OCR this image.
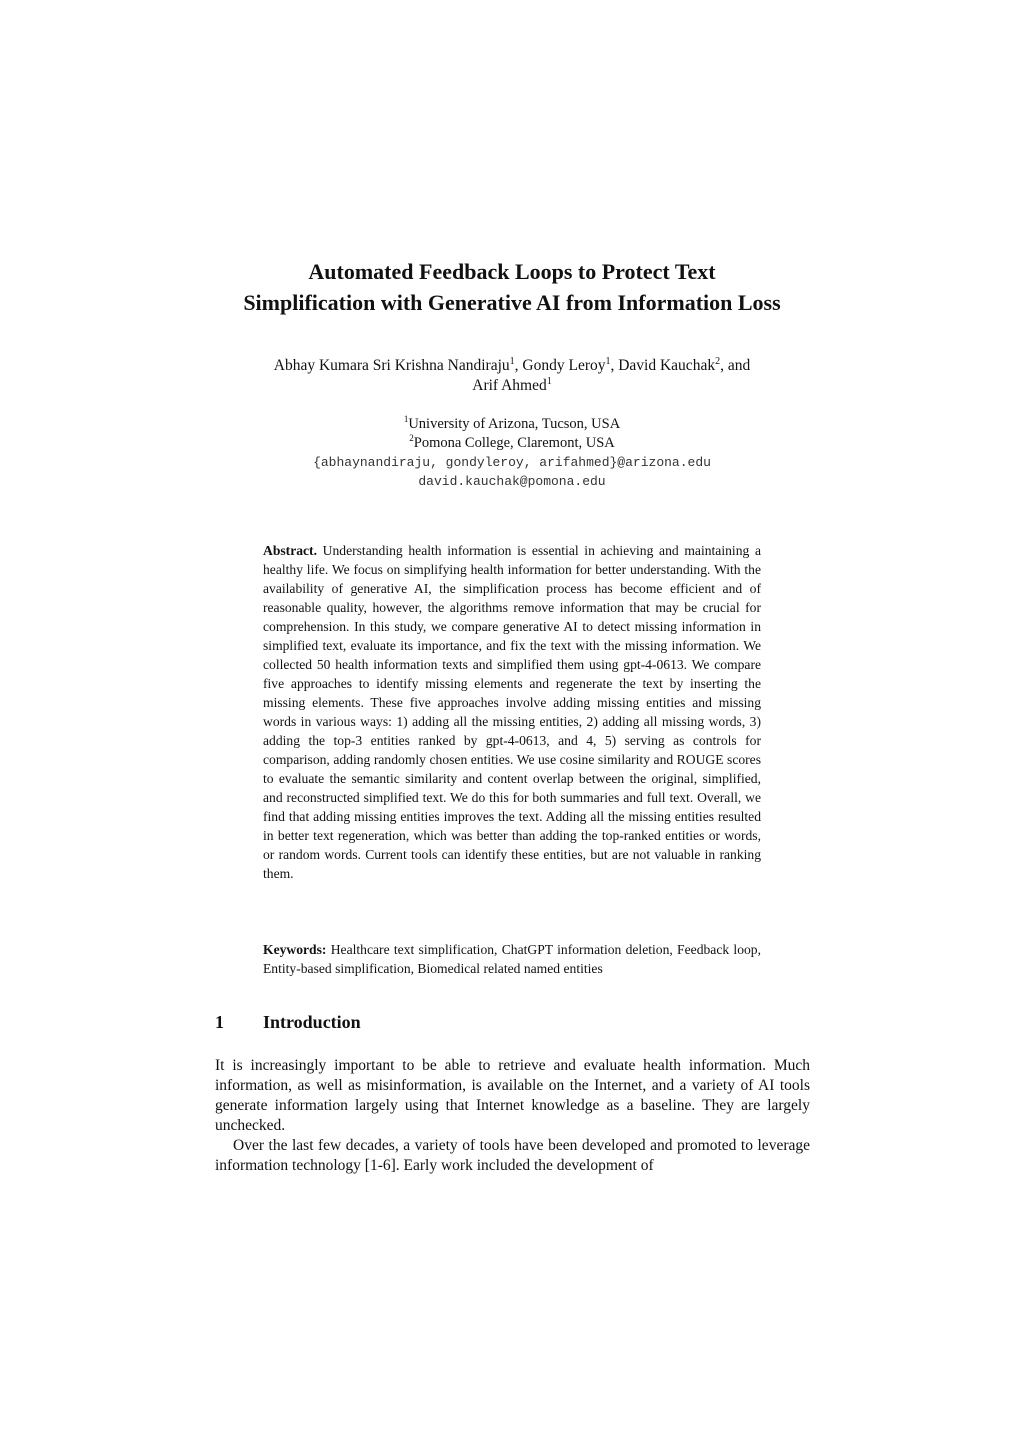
Automated Feedback Loops to Protect Text
Simplification with Generative AI from Information Loss
Abhay Kumara Sri Krishna Nandiraju$^1$, Gondy Leroy$^1$, David Kauchak$^2$, and
Arif Ahmed$^1$
$^1$University of Arizona, Tucson, USA
$^2$Pomona College, Claremont, USA
{abhaynandiraju, gondyleroy, arifahmed}@arizona.edu
david.kauchak@pomona.edu
Abstract. Understanding health information is essential in achieving and maintaining a healthy life. We focus on simplifying health information for better understanding. With the availability of generative AI, the simplification process has become efficient and of reasonable quality, however, the algorithms remove information that may be crucial for comprehension. In this study, we compare generative AI to detect missing information in simplified text, evaluate its importance, and fix the text with the missing information. We collected 50 health information texts and simplified them using gpt-4-0613. We compare five approaches to identify missing elements and regenerate the text by inserting the missing elements. These five approaches involve adding missing entities and missing words in various ways: 1) adding all the missing entities, 2) adding all missing words, 3) adding the top-3 entities ranked by gpt-4-0613, and 4, 5) serving as controls for comparison, adding randomly chosen entities. We use cosine similarity and ROUGE scores to evaluate the semantic similarity and content overlap between the original, simplified, and reconstructed simplified text. We do this for both summaries and full text. Overall, we find that adding missing entities improves the text. Adding all the missing entities resulted in better text regeneration, which was better than adding the top-ranked entities or words, or random words. Current tools can identify these entities, but are not valuable in ranking them.
Keywords: Healthcare text simplification, ChatGPT information deletion, Feedback loop, Entity-based simplification, Biomedical related named entities
1 Introduction

It is increasingly important to be able to retrieve and evaluate health information. Much information, as well as misinformation, is available on the Internet, and a variety of AI tools generate information largely using that Internet knowledge as a baseline. They are largely unchecked.

Over the last few decades, a variety of tools have been developed and promoted to leverage information technology [1-6]. Early work included the development of
